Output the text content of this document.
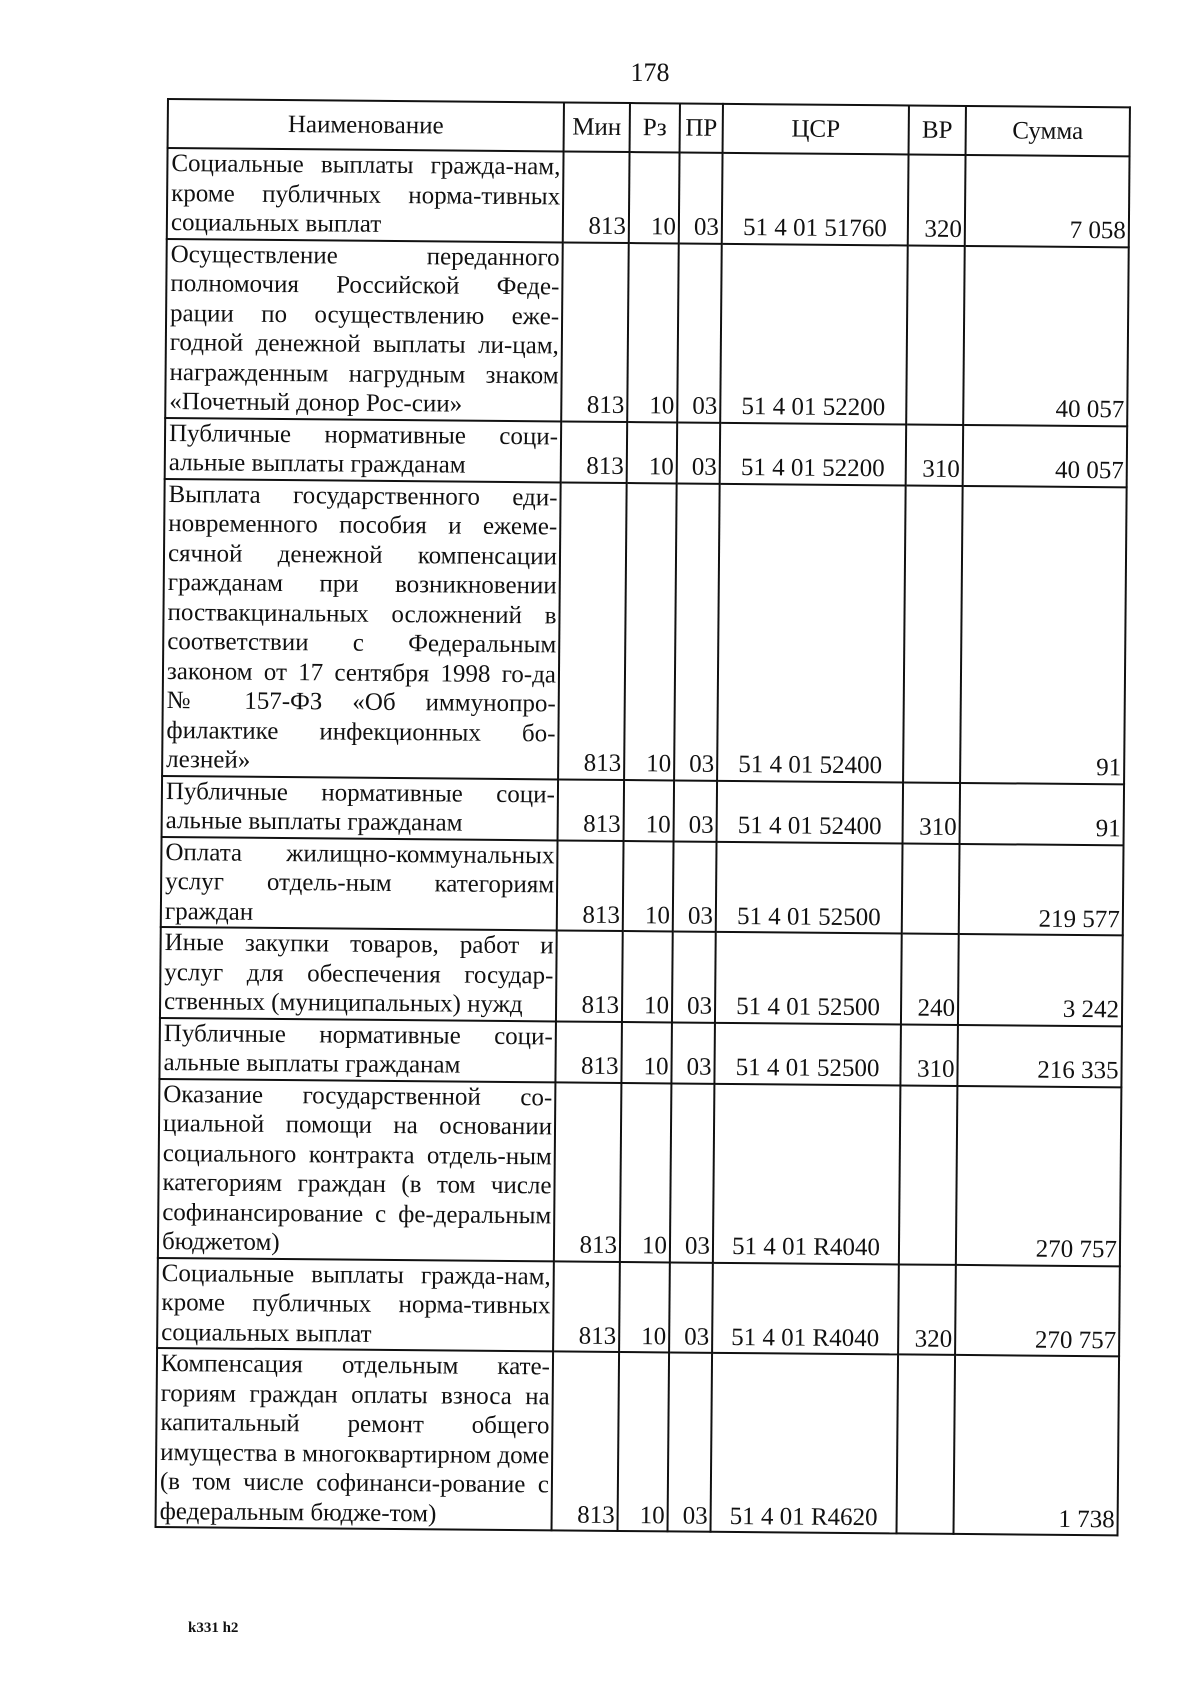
178
Наименование	Мин	Рз	ПР	ЦСР	ВР	Сумма
Социальные выплаты гражда-нам, кроме публичных норма-тивных социальных выплат	813	10	03	51 4 01 51760	320	7 058
Осуществление переданного полномочия Российской Феде-рации по осуществлению еже-годной денежной выплаты ли-цам, награжденным нагрудным знаком «Почетный донор Рос-сии»	813	10	03	51 4 01 52200		40 057
Публичные нормативные соци-альные выплаты гражданам	813	10	03	51 4 01 52200	310	40 057
Выплата государственного еди-новременного пособия и ежеме-сячной денежной компенсации гражданам при возникновении поствакцинальных осложнений в соответствии с Федеральным законом от 17 сентября 1998 го-да № 157-ФЗ «Об иммунопро-филактике инфекционных бо-лезней»	813	10	03	51 4 01 52400		91
Публичные нормативные соци-альные выплаты гражданам	813	10	03	51 4 01 52400	310	91
Оплата жилищно-коммунальных услуг отдель-ным категориям граждан	813	10	03	51 4 01 52500		219 577
Иные закупки товаров, работ и услуг для обеспечения государ-ственных (муниципальных) нужд	813	10	03	51 4 01 52500	240	3 242
Публичные нормативные соци-альные выплаты гражданам	813	10	03	51 4 01 52500	310	216 335
Оказание государственной со-циальной помощи на основании социального контракта отдель-ным категориям граждан (в том числе софинансирование с фе-деральным бюджетом)	813	10	03	51 4 01 R4040		270 757
Социальные выплаты гражда-нам, кроме публичных норма-тивных социальных выплат	813	10	03	51 4 01 R4040	320	270 757
Компенсация отдельным кате-гориям граждан оплаты взноса на капитальный ремонт общего имущества в многоквартирном доме (в том числе софинанси-рование с федеральным бюдже-том)	813	10	03	51 4 01 R4620		1 738
k331 h2
